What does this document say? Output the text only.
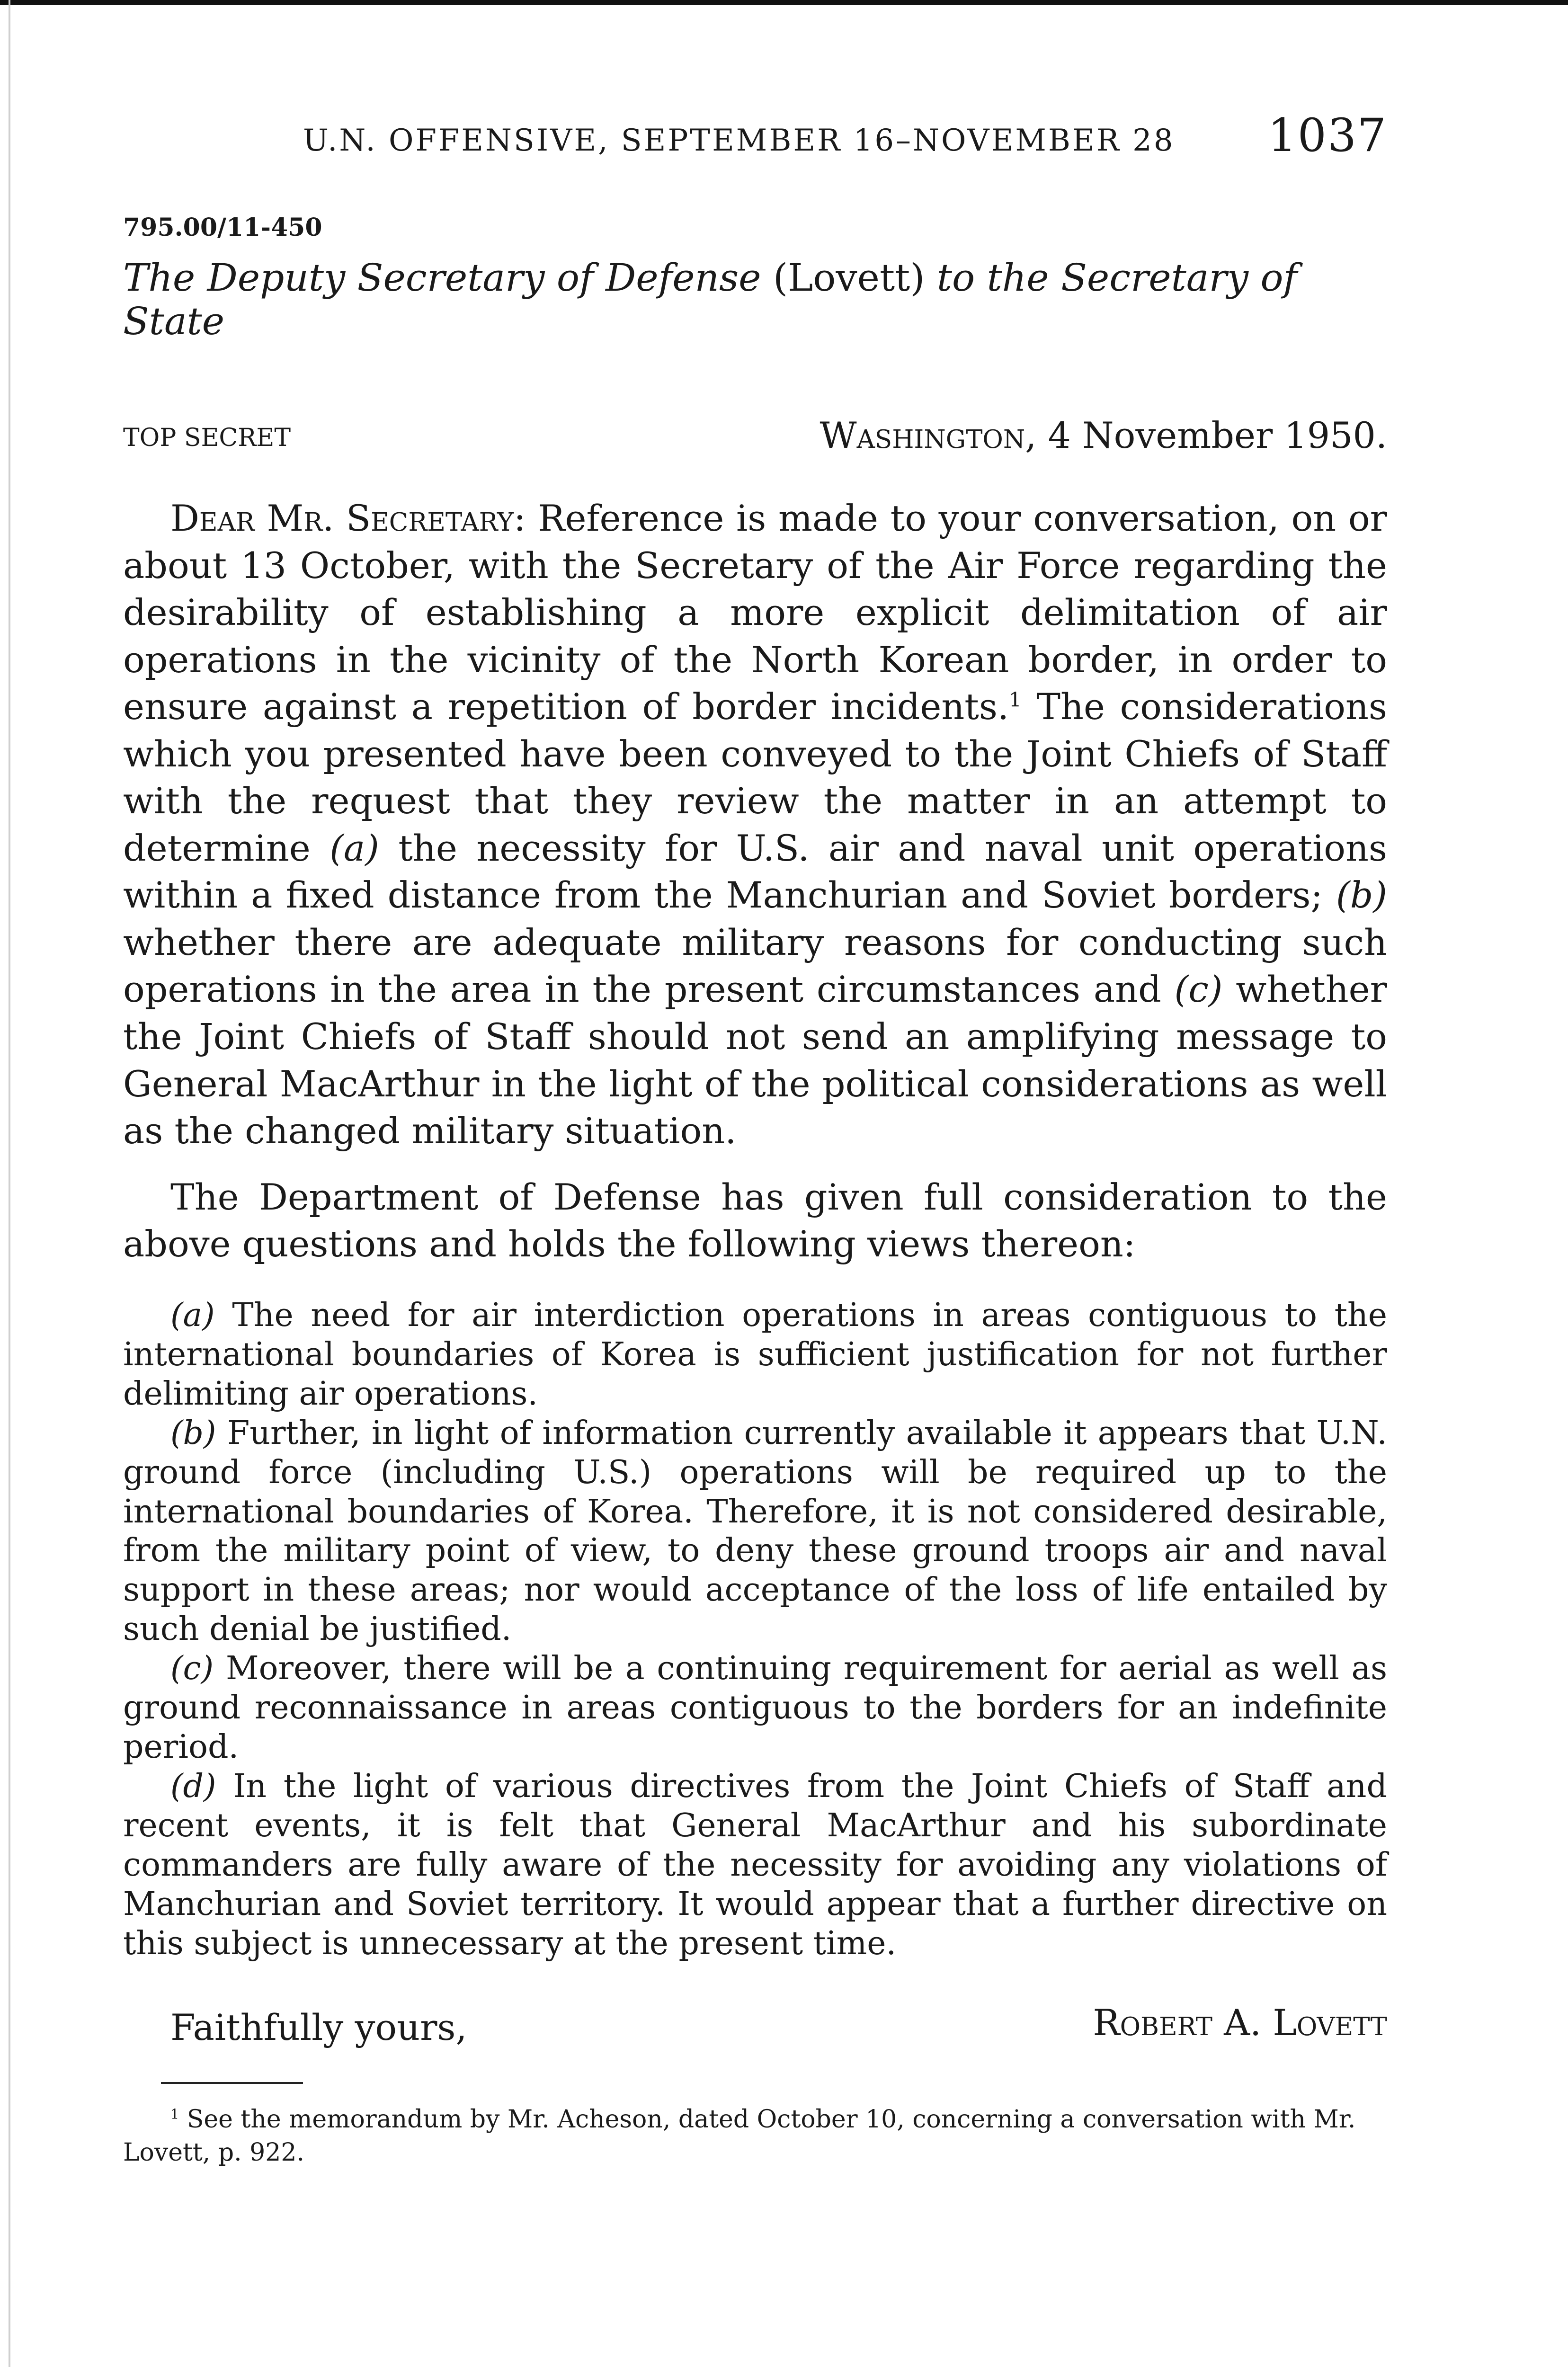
U.N. OFFENSIVE, SEPTEMBER 16–NOVEMBER 28 1037
795.00/11-450
The Deputy Secretary of Defense (Lovett) to the Secretary of State
TOP SECRET	Washington, 4 November 1950.

Dear Mr. Secretary: Reference is made to your conversation, on or about 13 October, with the Secretary of the Air Force regarding the desirability of establishing a more explicit delimitation of air operations in the vicinity of the North Korean border, in order to ensure against a repetition of border incidents.$^1$ The considerations which you presented have been conveyed to the Joint Chiefs of Staff with the request that they review the matter in an attempt to determine (a) the necessity for U.S. air and naval unit operations within a fixed distance from the Manchurian and Soviet borders; (b) whether there are adequate military reasons for conducting such operations in the area in the present circumstances and (c) whether the Joint Chiefs of Staff should not send an amplifying message to General MacArthur in the light of the political considerations as well as the changed military situation.

The Department of Defense has given full consideration to the above questions and holds the following views thereon:

(a) The need for air interdiction operations in areas contiguous to the international boundaries of Korea is sufficient justification for not further delimiting air operations.

(b) Further, in light of information currently available it appears that U.N. ground force (including U.S.) operations will be required up to the international boundaries of Korea. Therefore, it is not considered desirable, from the military point of view, to deny these ground troops air and naval support in these areas; nor would acceptance of the loss of life entailed by such denial be justified.

(c) Moreover, there will be a continuing requirement for aerial as well as ground reconnaissance in areas contiguous to the borders for an indefinite period.

(d) In the light of various directives from the Joint Chiefs of Staff and recent events, it is felt that General MacArthur and his subordinate commanders are fully aware of the necessity for avoiding any violations of Manchurian and Soviet territory. It would appear that a further directive on this subject is unnecessary at the present time.

Faithfully yours,	Robert A. Lovett
$^1$ See the memorandum by Mr. Acheson, dated October 10, concerning a conversation with Mr. Lovett, p. 922.
